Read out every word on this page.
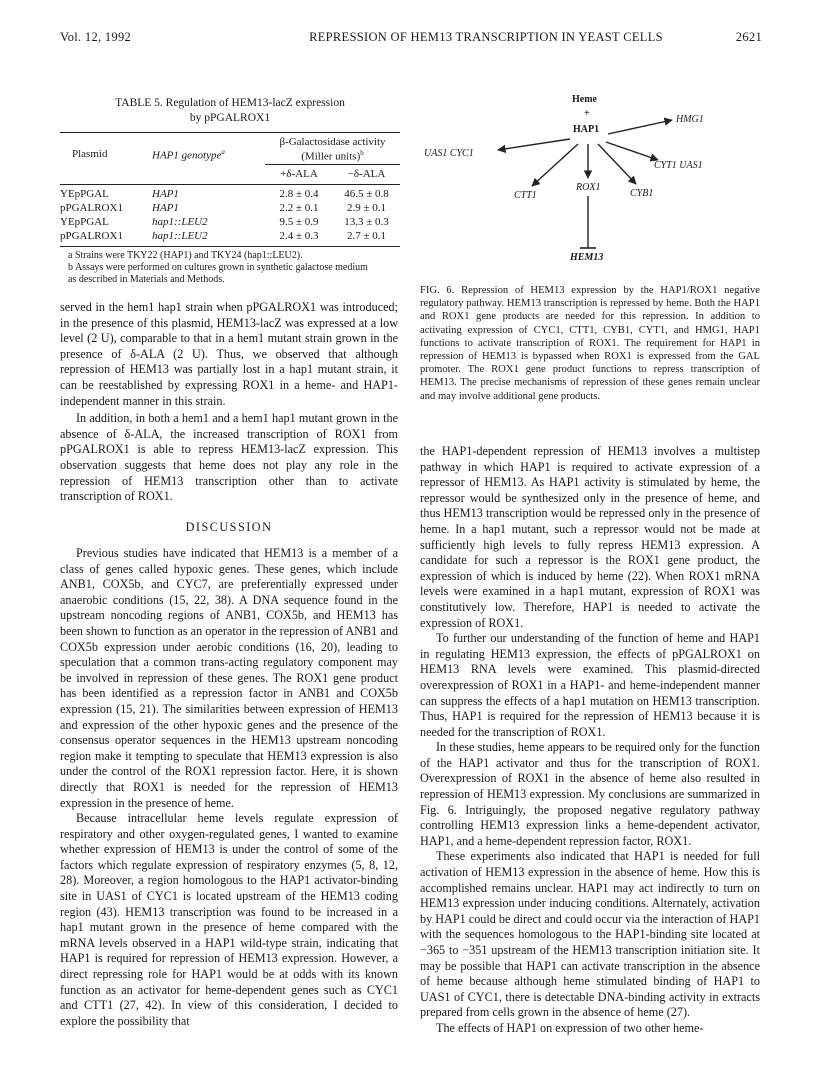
Vol. 12, 1992	REPRESSION OF HEM13 TRANSCRIPTION IN YEAST CELLS	2621
TABLE 5. Regulation of HEM13-lacZ expression
by pPGALROX1
Plasmid	HAP1 genotype$^a$
β-Galactosidase activity
(Miller units)$^b$
+δ-ALA	−δ-ALA
YEpPGAL	HAP1	2.8 ± 0.4	46.5 ± 0.8
pPGALROX1	HAP1	2.2 ± 0.1	2.9 ± 0.1
YEpPGAL	hap1::LEU2	9.5 ± 0.9	13.3 ± 0.3
pPGALROX1	hap1::LEU2	2.4 ± 0.3	2.7 ± 0.1
a Strains were TKY22 (HAP1) and TKY24 (hap1::LEU2).
b Assays were performed on cultures grown in synthetic galactose medium
as described in Materials and Methods.
Heme
+
HAP1
UAS1 CYC1
HMG1
CYT1 UAS1
CTT1
ROX1
CYB1
HEM13
FIG. 6. Repression of HEM13 expression by the HAP1/ROX1 negative regulatory pathway. HEM13 transcription is repressed by heme. Both the HAP1 and ROX1 gene products are needed for this repression. In addition to activating expression of CYC1, CTT1, CYB1, CYT1, and HMG1, HAP1 functions to activate transcription of ROX1. The requirement for HAP1 in repression of HEM13 is bypassed when ROX1 is expressed from the GAL promoter. The ROX1 gene product functions to repress transcription of HEM13. The precise mechanisms of repression of these genes remain unclear and may involve additional gene products.

served in the hem1 hap1 strain when pPGALROX1 was introduced; in the presence of this plasmid, HEM13-lacZ was expressed at a low level (2 U), comparable to that in a hem1 mutant strain grown in the presence of δ-ALA (2 U). Thus, we observed that although repression of HEM13 was partially lost in a hap1 mutant strain, it can be reestablished by expressing ROX1 in a heme- and HAP1-independent manner in this strain.

In addition, in both a hem1 and a hem1 hap1 mutant grown in the absence of δ-ALA, the increased transcription of ROX1 from pPGALROX1 is able to repress HEM13-lacZ expression. This observation suggests that heme does not play any role in the repression of HEM13 transcription other than to activate transcription of ROX1.

DISCUSSION

Previous studies have indicated that HEM13 is a member of a class of genes called hypoxic genes. These genes, which include ANB1, COX5b, and CYC7, are preferentially expressed under anaerobic conditions (15, 22, 38). A DNA sequence found in the upstream noncoding regions of ANB1, COX5b, and HEM13 has been shown to function as an operator in the repression of ANB1 and COX5b expression under aerobic conditions (16, 20), leading to speculation that a common trans-acting regulatory component may be involved in repression of these genes. The ROX1 gene product has been identified as a repression factor in ANB1 and COX5b expression (15, 21). The similarities between expression of HEM13 and expression of the other hypoxic genes and the presence of the consensus operator sequences in the HEM13 upstream noncoding region make it tempting to speculate that HEM13 expression is also under the control of the ROX1 repression factor. Here, it is shown directly that ROX1 is needed for the repression of HEM13 expression in the presence of heme.

Because intracellular heme levels regulate expression of respiratory and other oxygen-regulated genes, I wanted to examine whether expression of HEM13 is under the control of some of the factors which regulate expression of respiratory enzymes (5, 8, 12, 28). Moreover, a region homologous to the HAP1 activator-binding site in UAS1 of CYC1 is located upstream of the HEM13 coding region (43). HEM13 transcription was found to be increased in a hap1 mutant grown in the presence of heme compared with the mRNA levels observed in a HAP1 wild-type strain, indicating that HAP1 is required for repression of HEM13 expression. However, a direct repressing role for HAP1 would be at odds with its known function as an activator for heme-dependent genes such as CYC1 and CTT1 (27, 42). In view of this consideration, I decided to explore the possibility that

the HAP1-dependent repression of HEM13 involves a multistep pathway in which HAP1 is required to activate expression of a repressor of HEM13. As HAP1 activity is stimulated by heme, the repressor would be synthesized only in the presence of heme, and thus HEM13 transcription would be repressed only in the presence of heme. In a hap1 mutant, such a repressor would not be made at sufficiently high levels to fully repress HEM13 expression. A candidate for such a repressor is the ROX1 gene product, the expression of which is induced by heme (22). When ROX1 mRNA levels were examined in a hap1 mutant, expression of ROX1 was constitutively low. Therefore, HAP1 is needed to activate the expression of ROX1.

To further our understanding of the function of heme and HAP1 in regulating HEM13 expression, the effects of pPGALROX1 on HEM13 RNA levels were examined. This plasmid-directed overexpression of ROX1 in a HAP1- and heme-independent manner can suppress the effects of a hap1 mutation on HEM13 transcription. Thus, HAP1 is required for the repression of HEM13 because it is needed for the transcription of ROX1.

In these studies, heme appears to be required only for the function of the HAP1 activator and thus for the transcription of ROX1. Overexpression of ROX1 in the absence of heme also resulted in repression of HEM13 expression. My conclusions are summarized in Fig. 6. Intriguingly, the proposed negative regulatory pathway controlling HEM13 expression links a heme-dependent activator, HAP1, and a heme-dependent repression factor, ROX1.

These experiments also indicated that HAP1 is needed for full activation of HEM13 expression in the absence of heme. How this is accomplished remains unclear. HAP1 may act indirectly to turn on HEM13 expression under inducing conditions. Alternately, activation by HAP1 could be direct and could occur via the interaction of HAP1 with the sequences homologous to the HAP1-binding site located at −365 to −351 upstream of the HEM13 transcription initiation site. It may be possible that HAP1 can activate transcription in the absence of heme because although heme stimulated binding of HAP1 to UAS1 of CYC1, there is detectable DNA-binding activity in extracts prepared from cells grown in the absence of heme (27).

The effects of HAP1 on expression of two other heme-
